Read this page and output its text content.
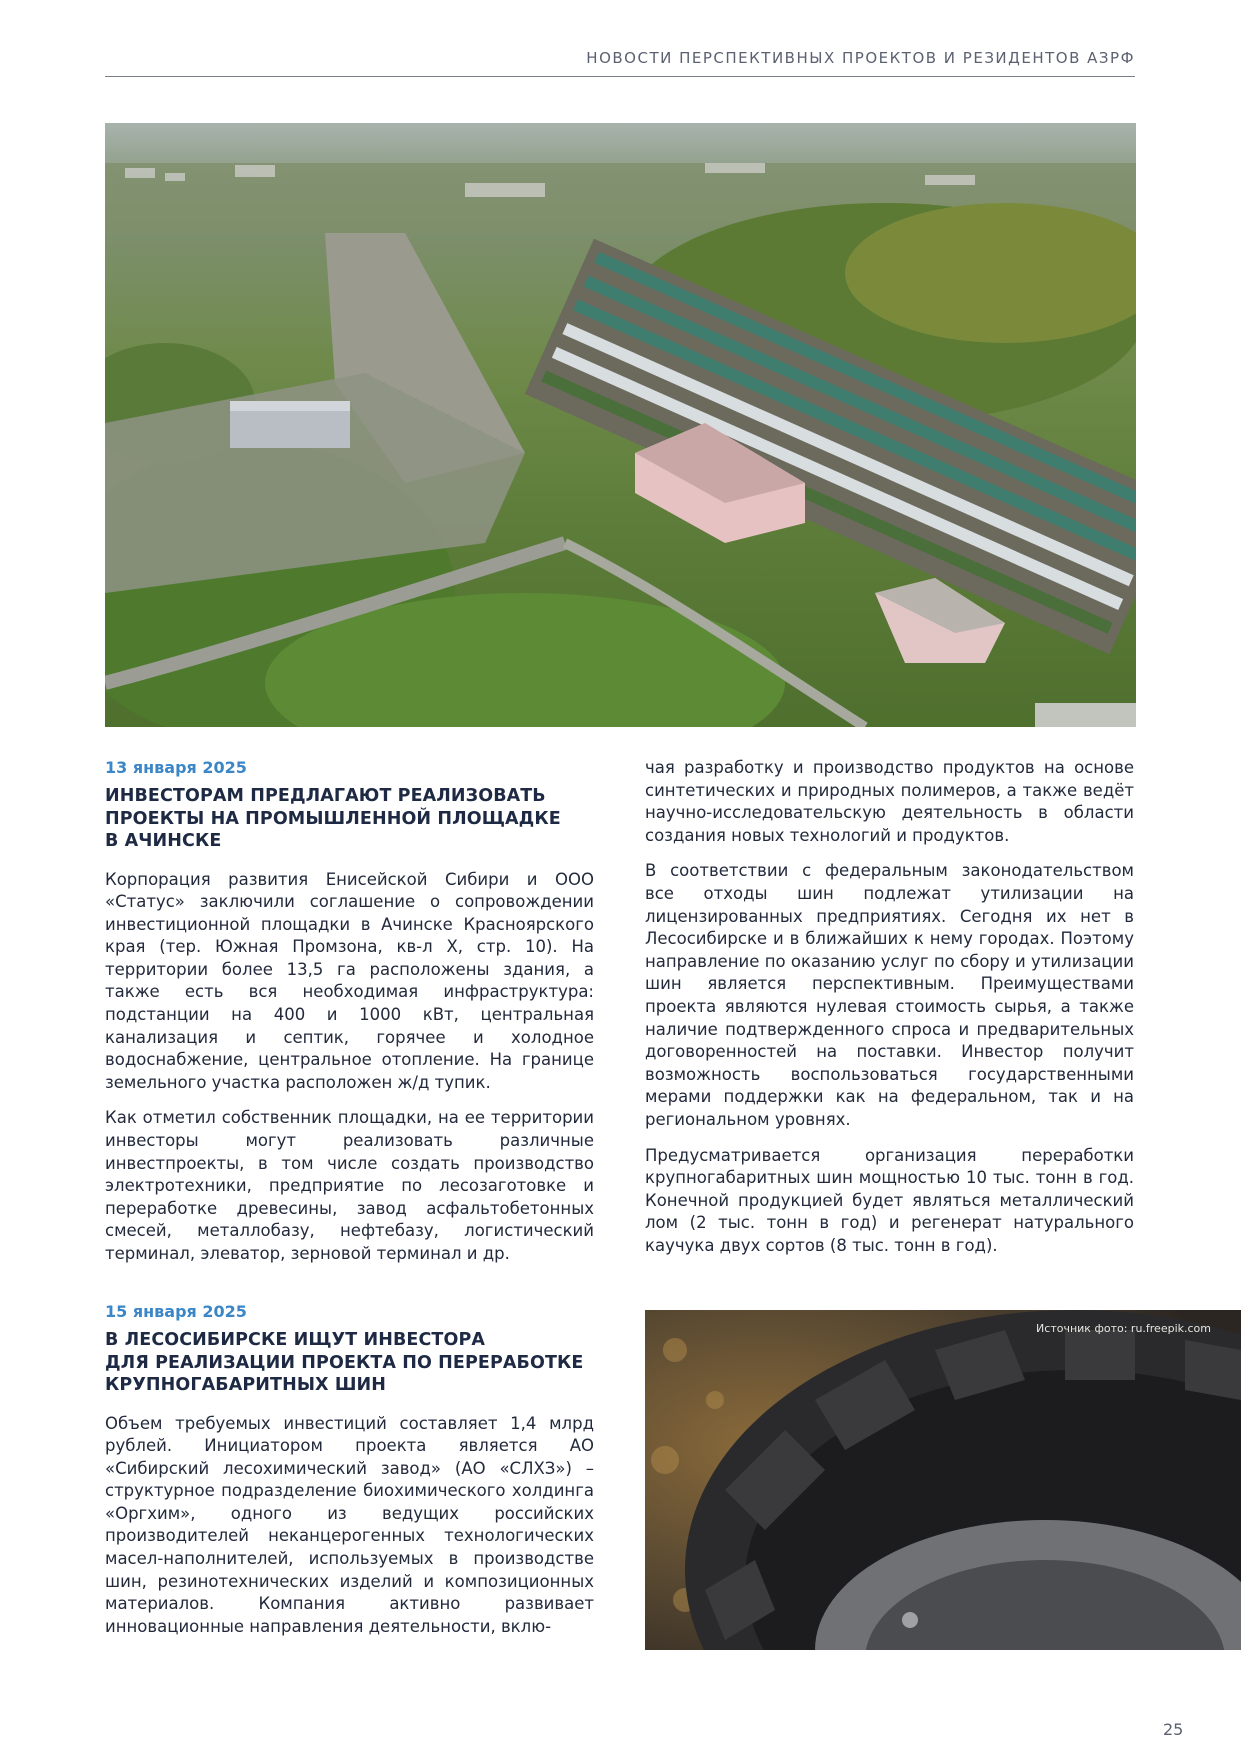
НОВОСТИ ПЕРСПЕКТИВНЫХ ПРОЕКТОВ И РЕЗИДЕНТОВ АЗРФ
13 января 2025
ИНВЕСТОРАМ ПРЕДЛАГАЮТ РЕАЛИЗОВАТЬ
ПРОЕКТЫ НА ПРОМЫШЛЕННОЙ ПЛОЩАДКЕ
В АЧИНСКЕ

Корпорация развития Енисейской Сибири и ООО «Статус» заключили соглашение о сопровождении инвестиционной площадки в Ачинске Красноярского края (тер. Южная Промзона, кв-л Х, стр. 10). На территории более 13,5 га расположены здания, а также есть вся необходимая инфраструктура: подстанции на 400 и 1000 кВт, центральная канализация и септик, горячее и холодное водоснабжение, центральное отопление. На границе земельного участка расположен ж/д тупик.

Как отметил собственник площадки, на ее территории инвесторы могут реализовать различные инвестпроекты, в том числе создать производство электротехники, предприятие по лесозаготовке и переработке древесины, завод асфальтобетонных смесей, металлобазу, нефтебазу, логистический терминал, элеватор, зерновой терминал и др.

15 января 2025
В ЛЕСОСИБИРСКЕ ИЩУТ ИНВЕСТОРА
ДЛЯ РЕАЛИЗАЦИИ ПРОЕКТА ПО ПЕРЕРАБОТКЕ
КРУПНОГАБАРИТНЫХ ШИН

Объем требуемых инвестиций составляет 1,4 млрд рублей. Инициатором проекта является АО «Сибирский лесохимический завод» (АО «СЛХЗ») – структурное подразделение биохимического холдинга «Оргхим», одного из ведущих российских производителей неканцерогенных технологических масел-наполнителей, используемых в производстве шин, резинотехнических изделий и композиционных материалов. Компания активно развивает инновационные направления деятельности, вклю-

чая разработку и производство продуктов на основе синтетических и природных полимеров, а также ведёт научно-исследовательскую деятельность в области создания новых технологий и продуктов.

В соответствии с федеральным законодательством все отходы шин подлежат утилизации на лицензированных предприятиях. Сегодня их нет в Лесосибирске и в ближайших к нему городах. Поэтому направление по оказанию услуг по сбору и утилизации шин является перспективным. Преимуществами проекта являются нулевая стоимость сырья, а также наличие подтвержденного спроса и предварительных договоренностей на поставки. Инвестор получит возможность воспользоваться государственными мерами поддержки как на федеральном, так и на региональном уровнях.

Предусматривается организация переработки крупногабаритных шин мощностью 10 тыс. тонн в год. Конечной продукцией будет являться металлический лом (2 тыс. тонн в год) и регенерат натурального каучука двух сортов (8 тыс. тонн в год).

Источник фото: ru.freepik.com
25
